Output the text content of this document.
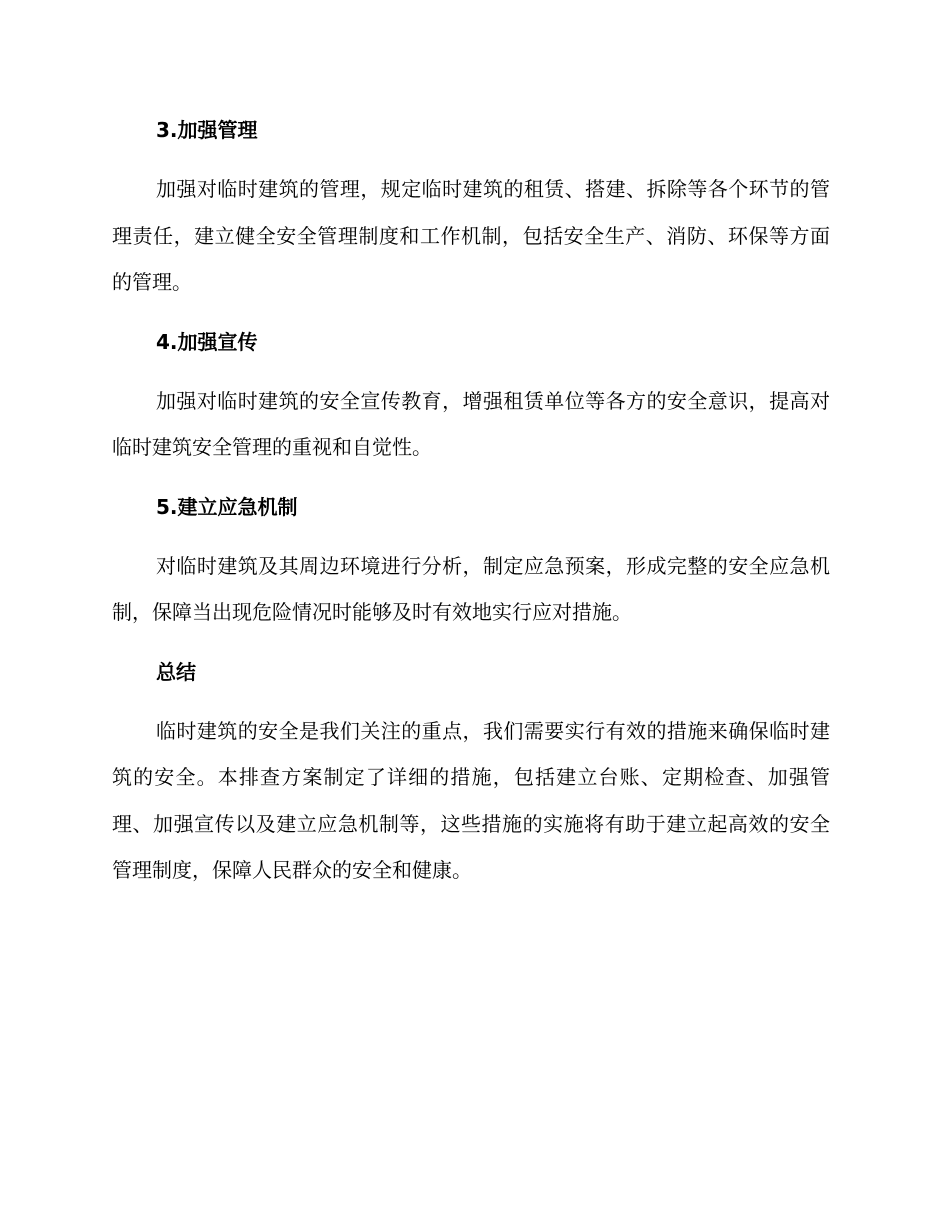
3.加强管理

加强对临时建筑的管理，规定临时建筑的租赁、搭建、拆除等各个环节的管理责任，建立健全安全管理制度和工作机制，包括安全生产、消防、环保等方面的管理。

4.加强宣传

加强对临时建筑的安全宣传教育，增强租赁单位等各方的安全意识，提高对临时建筑安全管理的重视和自觉性。

5.建立应急机制

对临时建筑及其周边环境进行分析，制定应急预案，形成完整的安全应急机制，保障当出现危险情况时能够及时有效地实行应对措施。

总结

临时建筑的安全是我们关注的重点，我们需要实行有效的措施来确保临时建筑的安全。本排查方案制定了详细的措施，包括建立台账、定期检查、加强管理、加强宣传以及建立应急机制等，这些措施的实施将有助于建立起高效的安全管理制度，保障人民群众的安全和健康。
